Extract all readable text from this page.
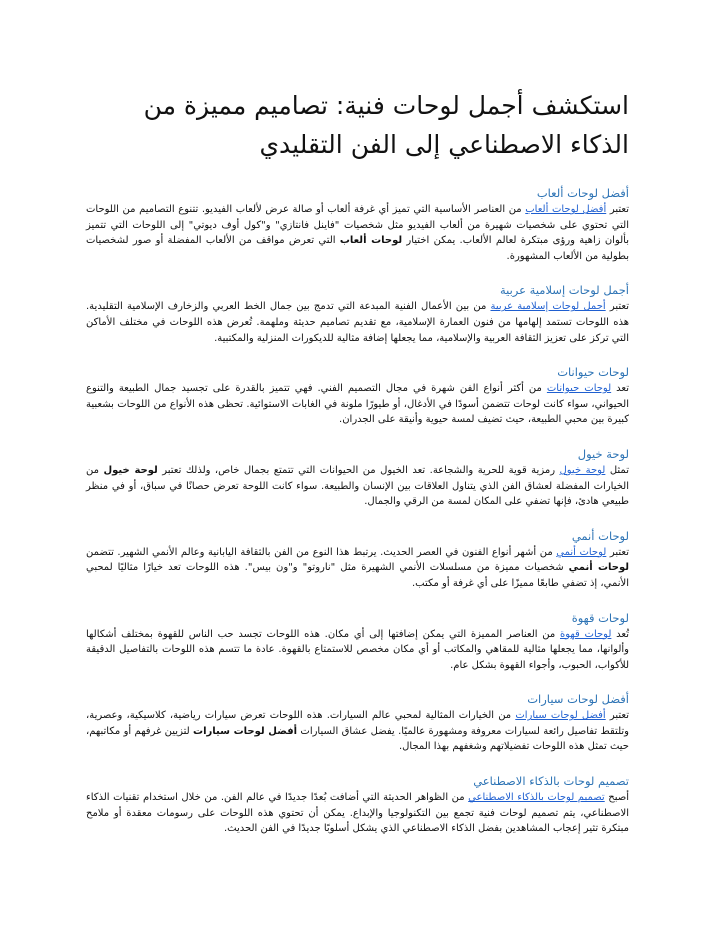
استكشف أجمل لوحات فنية: تصاميم مميزة من الذكاء الاصطناعي إلى الفن التقليدي
أفضل لوحات ألعاب

تعتبر أفضل لوحات ألعاب من العناصر الأساسية التي تميز أي غرفة ألعاب أو صالة عرض لألعاب الفيديو. تتنوع التصاميم من اللوحات التي تحتوي على شخصيات شهيرة من ألعاب الفيديو مثل شخصيات "فاينل فانتازي" و"كول أوف ديوتي" إلى اللوحات التي تتميز بألوان زاهية ورؤى مبتكرة لعالم الألعاب. يمكن اختيار لوحات ألعاب التي تعرض مواقف من الألعاب المفضلة أو صور لشخصيات بطولية من الألعاب المشهورة.

أجمل لوحات إسلامية عربية

تعتبر أجمل لوحات إسلامية عربية من بين الأعمال الفنية المبدعة التي تدمج بين جمال الخط العربي والزخارف الإسلامية التقليدية. هذه اللوحات تستمد إلهامها من فنون العمارة الإسلامية، مع تقديم تصاميم حديثة وملهمة. تُعرض هذه اللوحات في مختلف الأماكن التي تركز على تعزيز الثقافة العربية والإسلامية، مما يجعلها إضافة مثالية للديكورات المنزلية والمكتبية.

لوحات حيوانات

تعد لوحات حيوانات من أكثر أنواع الفن شهرة في مجال التصميم الفني. فهي تتميز بالقدرة على تجسيد جمال الطبيعة والتنوع الحيواني، سواء كانت لوحات تتضمن أسودًا في الأدغال، أو طيورًا ملونة في الغابات الاستوائية. تحظى هذه الأنواع من اللوحات بشعبية كبيرة بين محبي الطبيعة، حيث تضيف لمسة حيوية وأنيقة على الجدران.

لوحة خيول

تمثل لوحة خيول رمزية قوية للحرية والشجاعة. تعد الخيول من الحيوانات التي تتمتع بجمال خاص، ولذلك تعتبر لوحة خيول من الخيارات المفضلة لعشاق الفن الذي يتناول العلاقات بين الإنسان والطبيعة. سواء كانت اللوحة تعرض حصانًا في سباق، أو في منظر طبيعي هادئ، فإنها تضفي على المكان لمسة من الرقي والجمال.

لوحات أنمي

تعتبر لوحات أنمي من أشهر أنواع الفنون في العصر الحديث. يرتبط هذا النوع من الفن بالثقافة اليابانية وعالم الأنمي الشهير. تتضمن لوحات أنمي شخصيات مميزة من مسلسلات الأنمي الشهيرة مثل "ناروتو" و"ون بيس". هذه اللوحات تعد خيارًا مثاليًا لمحبي الأنمي، إذ تضفي طابعًا مميزًا على أي غرفة أو مكتب.

لوحات قهوة

تُعد لوحات قهوة من العناصر المميزة التي يمكن إضافتها إلى أي مكان. هذه اللوحات تجسد حب الناس للقهوة بمختلف أشكالها وألوانها، مما يجعلها مثالية للمقاهي والمكاتب أو أي مكان مخصص للاستمتاع بالقهوة. عادة ما تتسم هذه اللوحات بالتفاصيل الدقيقة للأكواب، الحبوب، وأجواء القهوة بشكل عام.

أفضل لوحات سيارات

تعتبر أفضل لوحات سيارات من الخيارات المثالية لمحبي عالم السيارات. هذه اللوحات تعرض سيارات رياضية، كلاسيكية، وعصرية، وتلتقط تفاصيل رائعة لسيارات معروفة ومشهورة عالميًا. يفضل عشاق السيارات أفضل لوحات سيارات لتزيين غرفهم أو مكاتبهم، حيث تمثل هذه اللوحات تفضيلاتهم وشغفهم بهذا المجال.

تصميم لوحات بالذكاء الاصطناعي

أصبح تصميم لوحات بالذكاء الاصطناعي من الظواهر الحديثة التي أضافت بُعدًا جديدًا في عالم الفن. من خلال استخدام تقنيات الذكاء الاصطناعي، يتم تصميم لوحات فنية تجمع بين التكنولوجيا والإبداع. يمكن أن تحتوي هذه اللوحات على رسومات معقدة أو ملامح مبتكرة تثير إعجاب المشاهدين بفضل الذكاء الاصطناعي الذي يشكل أسلوبًا جديدًا في الفن الحديث.
